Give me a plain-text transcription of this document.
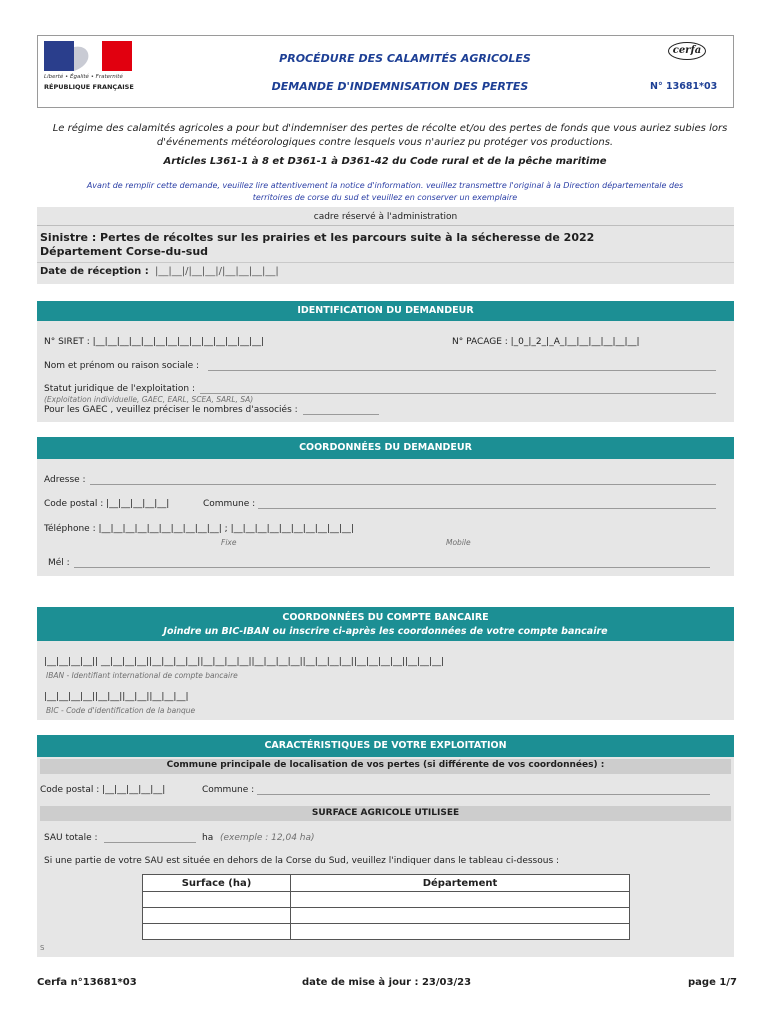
Liberté • Égalité • Fraternité
RÉPUBLIQUE FRANÇAISE
PROCÉDURE DES CALAMITÉS AGRICOLES
DEMANDE D'INDEMNISATION DES PERTES
cerfa
N° 13681*03
Le régime des calamités agricoles a pour but d'indemniser des pertes de récolte et/ou des pertes de fonds que vous auriez subies lors
d'événements météorologiques contre lesquels vous n'auriez pu protéger vos productions.
Articles L361-1 à 8 et D361-1 à D361-42 du Code rural et de la pêche maritime
Avant de remplir cette demande, veuillez lire attentivement la notice d'information. veuillez transmettre l'original à la Direction départementale des
territoires de corse du sud et veuillez en conserver un exemplaire
cadre réservé à l'administration
Sinistre : Pertes de récoltes sur les prairies et les parcours suite à la sécheresse de 2022
Département Corse-du-sud
Date de réception : |__|__|/|__|__|/|__|__|__|__|
IDENTIFICATION DU DEMANDEUR
N° SIRET : |__|__|__|__|__|__|__|__|__|__|__|__|__|__|	N° PACAGE : |_0_|_2_|_A_|__|__|__|__|__|__|
Nom et prénom ou raison sociale :
Statut juridique de l'exploitation :
(Exploitation individuelle, GAEC, EARL, SCEA, SARL, SA)
Pour les GAEC , veuillez préciser le nombres d'associés :
COORDONNÉES DU DEMANDEUR
Adresse :
Code postal : |__|__|__|__|__|	Commune :
Téléphone : |__|__|__|__|__|__|__|__|__|__| ; |__|__|__|__|__|__|__|__|__|__|
Fixe	Mobile
Mél :
COORDONNÉES DU COMPTE BANCAIRE
Joindre un BIC-IBAN ou inscrire ci-après les coordonnées de votre compte bancaire
|__|__|__|__|| __|__|__|__||__|__|__|__||__|__|__|__||__|__|__|__||__|__|__|__||__|__|__|__||__|__|__|
IBAN - Identifiant international de compte bancaire
|__|__|__|__||__|__||__|__||__|__|__|
BIC - Code d'identification de la banque
CARACTÉRISTIQUES DE VOTRE EXPLOITATION
Commune principale de localisation de vos pertes (si différente de vos coordonnées) :
Code postal : |__|__|__|__|__|	Commune :
SURFACE AGRICOLE UTILISEE
SAU totale :	ha (exemple : 12,04 ha)
Si une partie de votre SAU est située en dehors de la Corse du Sud, veuillez l'indiquer dans le tableau ci-dessous :
Surface (ha)	Département

S
Cerfa n°13681*03	date de mise à jour : 23/03/23	page 1/7
